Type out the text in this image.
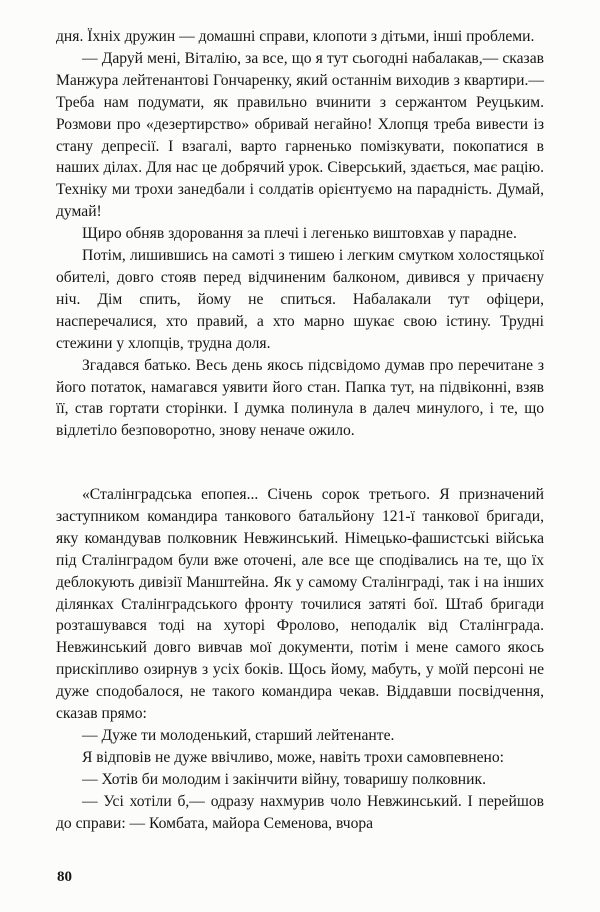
дня. Їхніх дружин — домашні справи, клопоти з дітьми, інші проблеми.

— Даруй мені, Віталію, за все, що я тут сьогодні набалакав,— сказав Манжура лейтенантові Гончаренку, який останнім виходив з квартири.— Треба нам подумати, як правильно вчинити з сержантом Реуцьким. Розмови про «дезертирство» обривай негайно! Хлопця треба вивести із стану депресії. І взагалі, варто гарненько помізкувати, покопатися в наших ділах. Для нас це добрячий урок. Сіверський, здається, має рацію. Техніку ми трохи занедбали і солдатів орієнтуємо на парадність. Думай, думай!

Щиро обняв здоровання за плечі і легенько виштовхав у парадне.

Потім, лишившись на самоті з тишею і легким смутком холостяцької обителі, довго стояв перед відчиненим балконом, дивився у причаєну ніч. Дім спить, йому не спиться. Набалакали тут офіцери, насперечалися, хто правий, а хто марно шукає свою істину. Трудні стежини у хлопців, трудна доля.

Згадався батько. Весь день якось підсвідомо думав про перечитане з його потаток, намагався уявити його стан. Папка тут, на підвіконні, взяв її, став гортати сторінки. І думка полинула в далеч минулого, і те, що відлетіло безповоротно, знову неначе ожило.

«Сталінградська епопея... Січень сорок третього. Я призначений заступником командира танкового батальйону 121-ї танкової бригади, яку командував полковник Невжинський. Німецько-фашистські війська під Сталінградом були вже оточені, але все ще сподівались на те, що їх деблокують дивізії Манштейна. Як у самому Сталінграді, так і на інших ділянках Сталінградського фронту точилися затяті бої. Штаб бригади розташувався тоді на хуторі Фролово, неподалік від Сталінграда. Невжинський довго вивчав мої документи, потім і мене самого якось прискіпливо озирнув з усіх боків. Щось йому, мабуть, у моїй персоні не дуже сподобалося, не такого командира чекав. Віддавши посвідчення, сказав прямо:

— Дуже ти молоденький, старший лейтенанте.

Я відповів не дуже ввічливо, може, навіть трохи самовпевнено:

— Хотів би молодим і закінчити війну, товаришу полковник.

— Усі хотіли б,— одразу нахмурив чоло Невжинський. І перейшов до справи: — Комбата, майора Семенова, вчора

80
